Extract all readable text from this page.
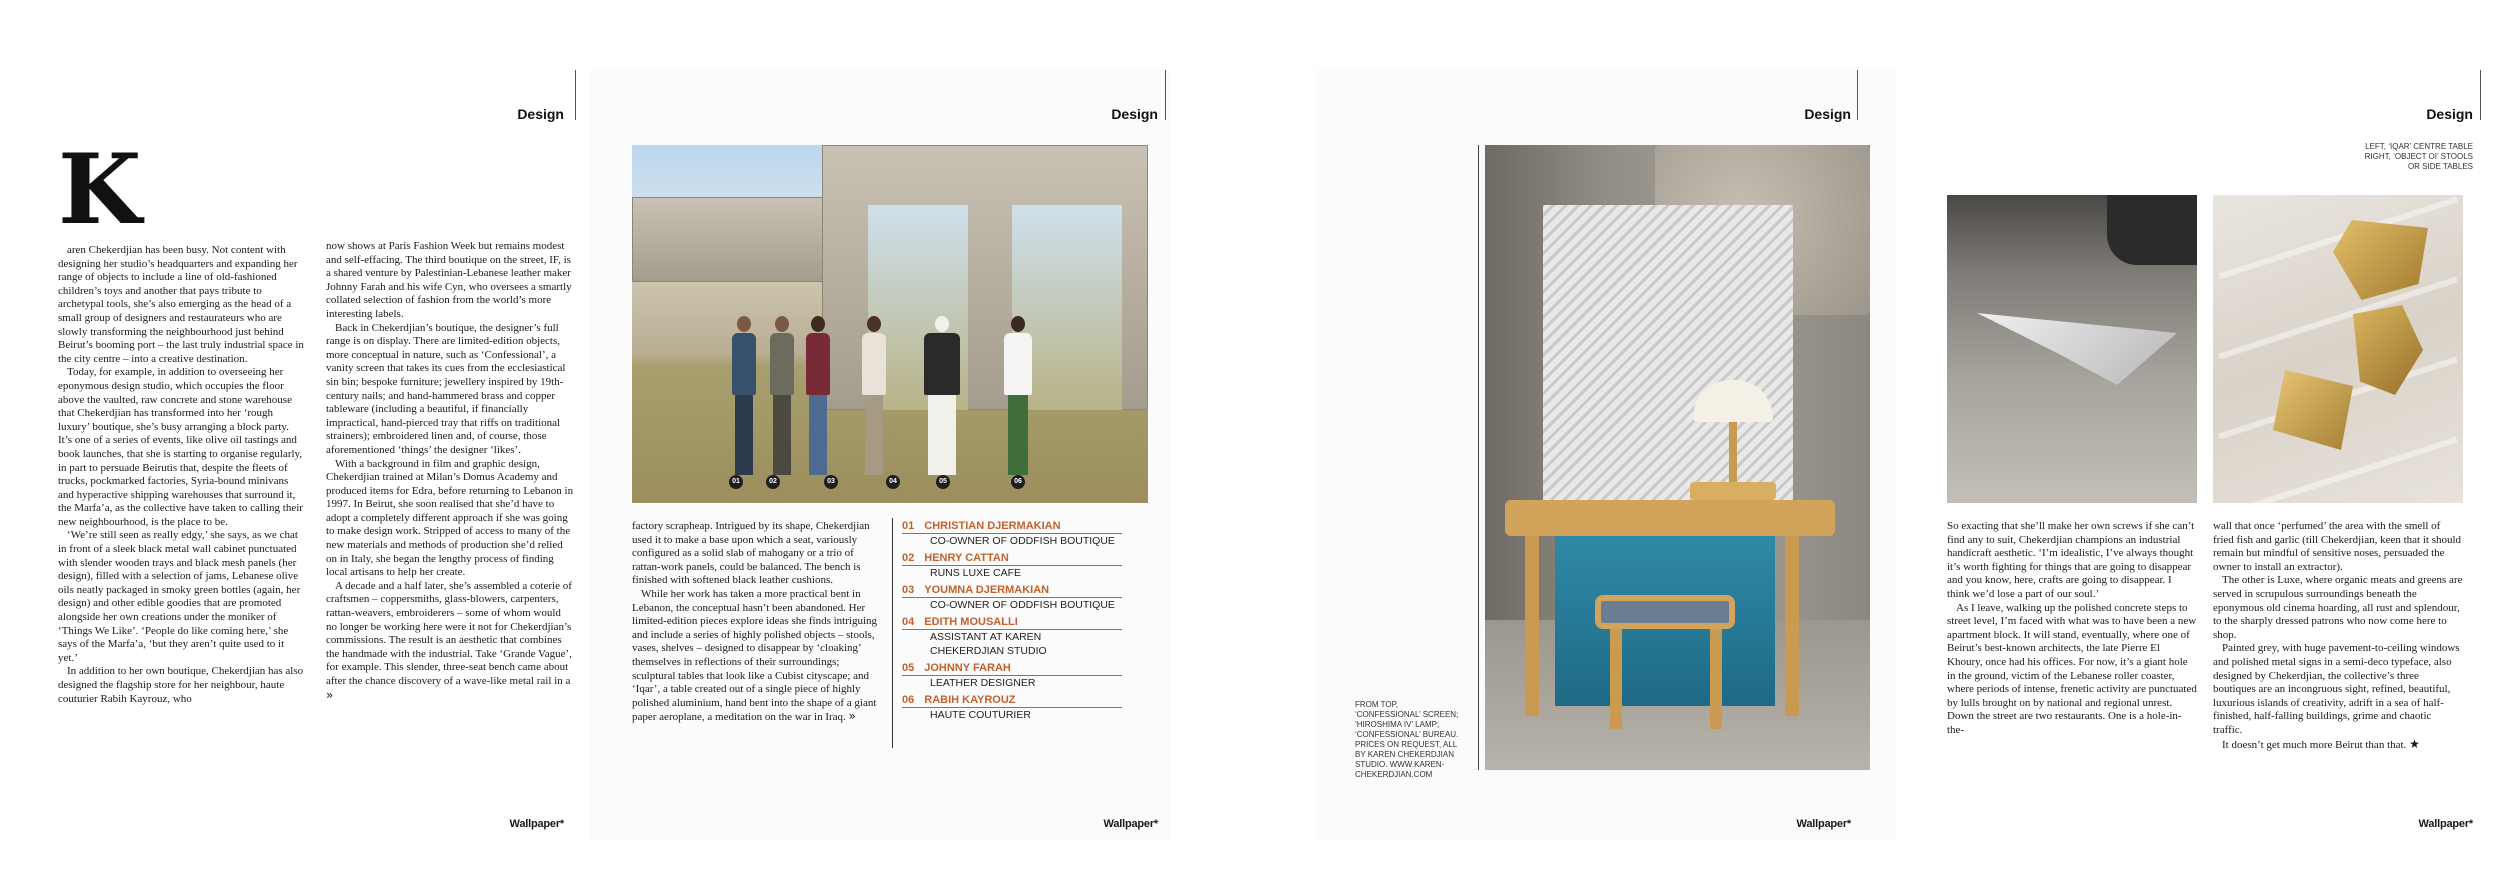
Design
K

aren Chekerdjian has been busy. Not content with designing her studio’s headquarters and expanding her range of objects to include a line of old-fashioned children’s toys and another that pays tribute to archetypal tools, she’s also emerging as the head of a small group of designers and restaurateurs who are slowly transforming the neighbourhood just behind Beirut’s booming port – the last truly industrial space in the city centre – into a creative destination.

Today, for example, in addition to overseeing her eponymous design studio, which occupies the floor above the vaulted, raw concrete and stone warehouse that Chekerdjian has transformed into her ‘rough luxury’ boutique, she’s busy arranging a block party. It’s one of a series of events, like olive oil tastings and book launches, that she is starting to organise regularly, in part to persuade Beirutis that, despite the fleets of trucks, pockmarked factories, Syria-bound minivans and hyperactive shipping warehouses that surround it, the Marfa’a, as the collective have taken to calling their new neighbourhood, is the place to be.

‘We’re still seen as really edgy,’ she says, as we chat in front of a sleek black metal wall cabinet punctuated with slender wooden trays and black mesh panels (her design), filled with a selection of jams, Lebanese olive oils neatly packaged in smoky green bottles (again, her design) and other edible goodies that are promoted alongside her own creations under the moniker of ‘Things We Like’. ‘People do like coming here,’ she says of the Marfa’a, ‘but they aren’t quite used to it yet.’

In addition to her own boutique, Chekerdjian has also designed the flagship store for her neighbour, haute couturier Rabih Kayrouz, who

now shows at Paris Fashion Week but remains modest and self-effacing. The third boutique on the street, IF, is a shared venture by Palestinian-Lebanese leather maker Johnny Farah and his wife Cyn, who oversees a smartly collated selection of fashion from the world’s more interesting labels.

Back in Chekerdjian’s boutique, the designer’s full range is on display. There are limited-edition objects, more conceptual in nature, such as ‘Confessional’, a vanity screen that takes its cues from the ecclesiastical sin bin; bespoke furniture; jewellery inspired by 19th-century nails; and hand-hammered brass and copper tableware (including a beautiful, if financially impractical, hand-pierced tray that riffs on traditional strainers); embroidered linen and, of course, those aforementioned ‘things’ the designer ‘likes’.

With a background in film and graphic design, Chekerdjian trained at Milan’s Domus Academy and produced items for Edra, before returning to Lebanon in 1997. In Beirut, she soon realised that she’d have to adopt a completely different approach if she was going to make design work. Stripped of access to many of the new materials and methods of production she’d relied on in Italy, she began the lengthy process of finding local artisans to help her create.

A decade and a half later, she’s assembled a coterie of craftsmen – coppersmiths, glass-blowers, carpenters, rattan-weavers, embroiderers – some of whom would no longer be working here were it not for Chekerdjian’s commissions. The result is an aesthetic that combines the handmade with the industrial. Take ‘Grande Vague’, for example. This slender, three-seat bench came about after the chance discovery of a wave-like metal rail in a

»
Wallpaper*
Design
01	02	03	04	05	06

factory scrapheap. Intrigued by its shape, Chekerdjian used it to make a base upon which a seat, variously configured as a solid slab of mahogany or a trio of rattan-work panels, could be balanced. The bench is finished with softened black leather cushions.

While her work has taken a more practical bent in Lebanon, the conceptual hasn’t been abandoned. Her limited-edition pieces explore ideas she finds intriguing and include a series of highly polished objects – stools, vases, shelves – designed to disappear by ‘cloaking’ themselves in reflections of their surroundings; sculptural tables that look like a Cubist cityscape; and ‘Iqar’, a table created out of a single piece of highly polished aluminium, hand bent into the shape of a giant paper aeroplane, a meditation on the war in Iraq. »

01 CHRISTIAN DJERMAKIAN
CO-OWNER OF ODDFISH BOUTIQUE
02 HENRY CATTAN
RUNS LUXE CAFE
03 YOUMNA DJERMAKIAN
CO-OWNER OF ODDFISH BOUTIQUE
04 EDITH MOUSALLI
ASSISTANT AT KAREN
CHEKERDJIAN STUDIO
05 JOHNNY FARAH
LEATHER DESIGNER
06 RABIH KAYROUZ
HAUTE COUTURIER
Wallpaper*
Design
FROM TOP, ‘CONFESSIONAL’ SCREEN; ‘HIROSHIMA IV’ LAMP; ‘CONFESSIONAL’ BUREAU. PRICES ON REQUEST, ALL BY KAREN CHEKERDJIAN STUDIO. WWW.KAREN-CHEKERDJIAN.COM
Wallpaper*
Design
LEFT, ‘IQAR’ CENTRE TABLE RIGHT, ‘OBJECT OI’ STOOLS OR SIDE TABLES

So exacting that she’ll make her own screws if she can’t find any to suit, Chekerdjian champions an industrial handicraft aesthetic. ‘I’m idealistic, I’ve always thought it’s worth fighting for things that are going to disappear and you know, here, crafts are going to disappear. I think we’d lose a part of our soul.’

As I leave, walking up the polished concrete steps to street level, I’m faced with what was to have been a new apartment block. It will stand, eventually, where one of Beirut’s best-known architects, the late Pierre El Khoury, once had his offices. For now, it’s a giant hole in the ground, victim of the Lebanese roller coaster, where periods of intense, frenetic activity are punctuated by lulls brought on by national and regional unrest. Down the street are two restaurants. One is a hole-in-the-

wall that once ‘perfumed’ the area with the smell of fried fish and garlic (till Chekerdjian, keen that it should remain but mindful of sensitive noses, persuaded the owner to install an extractor).

The other is Luxe, where organic meats and greens are served in scrupulous surroundings beneath the eponymous old cinema hoarding, all rust and splendour, to the sharply dressed patrons who now come here to shop.

Painted grey, with huge pavement-to-ceiling windows and polished metal signs in a semi-deco typeface, also designed by Chekerdjian, the collective’s three boutiques are an incongruous sight, refined, beautiful, luxurious islands of creativity, adrift in a sea of half-finished, half-falling buildings, grime and chaotic traffic.

It doesn’t get much more Beirut than that. ★

Wallpaper*
